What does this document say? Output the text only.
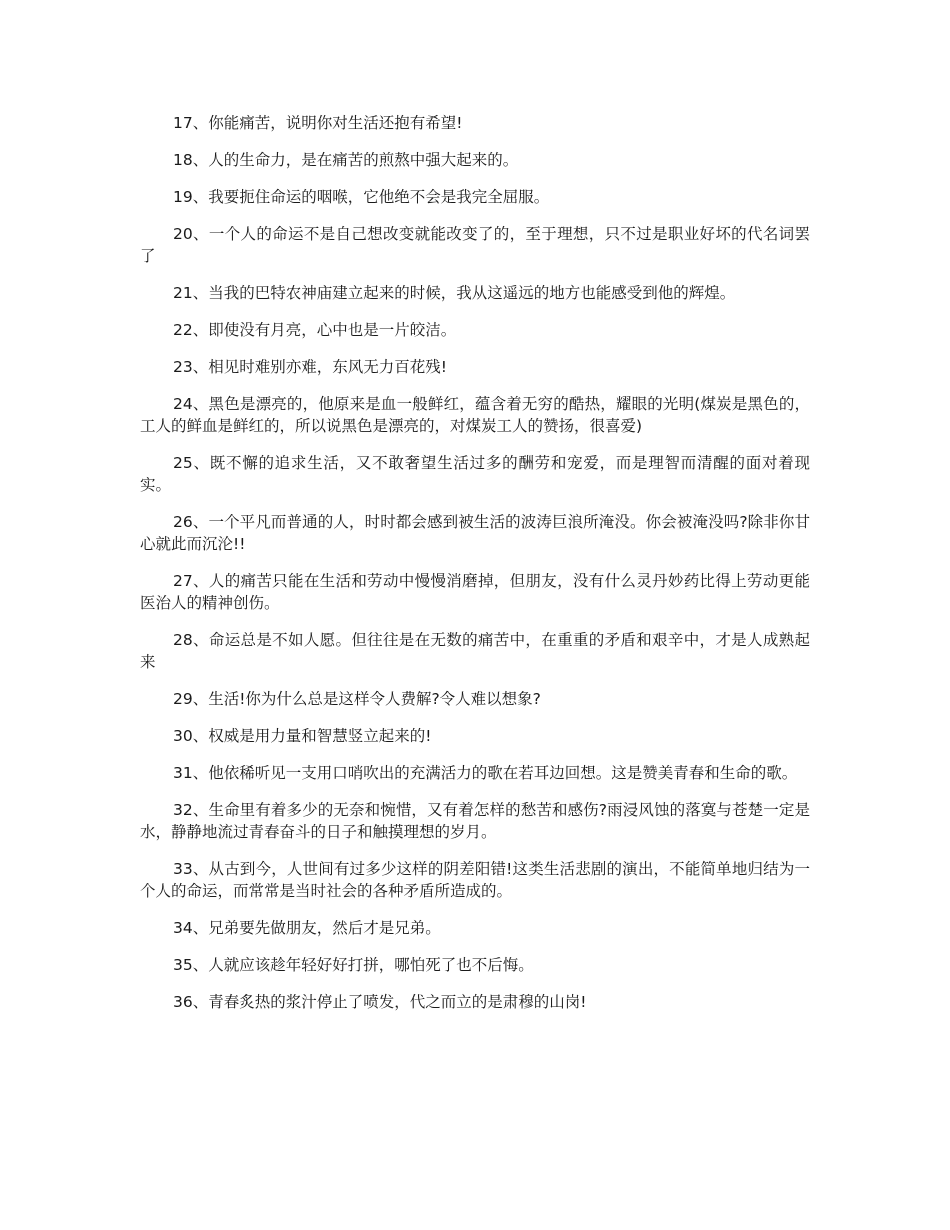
17、你能痛苦，说明你对生活还抱有希望!

18、人的生命力，是在痛苦的煎熬中强大起来的。

19、我要扼住命运的咽喉，它他绝不会是我完全屈服。

20、一个人的命运不是自己想改变就能改变了的，至于理想，只不过是职业好坏的代名词罢了

21、当我的巴特农神庙建立起来的时候，我从这遥远的地方也能感受到他的辉煌。

22、即使没有月亮，心中也是一片皎洁。

23、相见时难别亦难，东风无力百花残!

24、黑色是漂亮的，他原来是血一般鲜红，蕴含着无穷的酷热，耀眼的光明(煤炭是黑色的，工人的鲜血是鲜红的，所以说黑色是漂亮的，对煤炭工人的赞扬，很喜爱)

25、既不懈的追求生活，又不敢奢望生活过多的酬劳和宠爱，而是理智而清醒的面对着现实。

26、一个平凡而普通的人，时时都会感到被生活的波涛巨浪所淹没。你会被淹没吗?除非你甘心就此而沉沦!!

27、人的痛苦只能在生活和劳动中慢慢消磨掉，但朋友，没有什么灵丹妙药比得上劳动更能医治人的精神创伤。

28、命运总是不如人愿。但往往是在无数的痛苦中，在重重的矛盾和艰辛中，才是人成熟起来

29、生活!你为什么总是这样令人费解?令人难以想象?

30、权威是用力量和智慧竖立起来的!

31、他依稀听见一支用口哨吹出的充满活力的歌在若耳边回想。这是赞美青春和生命的歌。

32、生命里有着多少的无奈和惋惜，又有着怎样的愁苦和感伤?雨浸风蚀的落寞与苍楚一定是水，静静地流过青春奋斗的日子和触摸理想的岁月。

33、从古到今，人世间有过多少这样的阴差阳错!这类生活悲剧的演出，不能简单地归结为一个人的命运，而常常是当时社会的各种矛盾所造成的。

34、兄弟要先做朋友，然后才是兄弟。

35、人就应该趁年轻好好打拼，哪怕死了也不后悔。

36、青春炙热的浆汁停止了喷发，代之而立的是肃穆的山岗!
